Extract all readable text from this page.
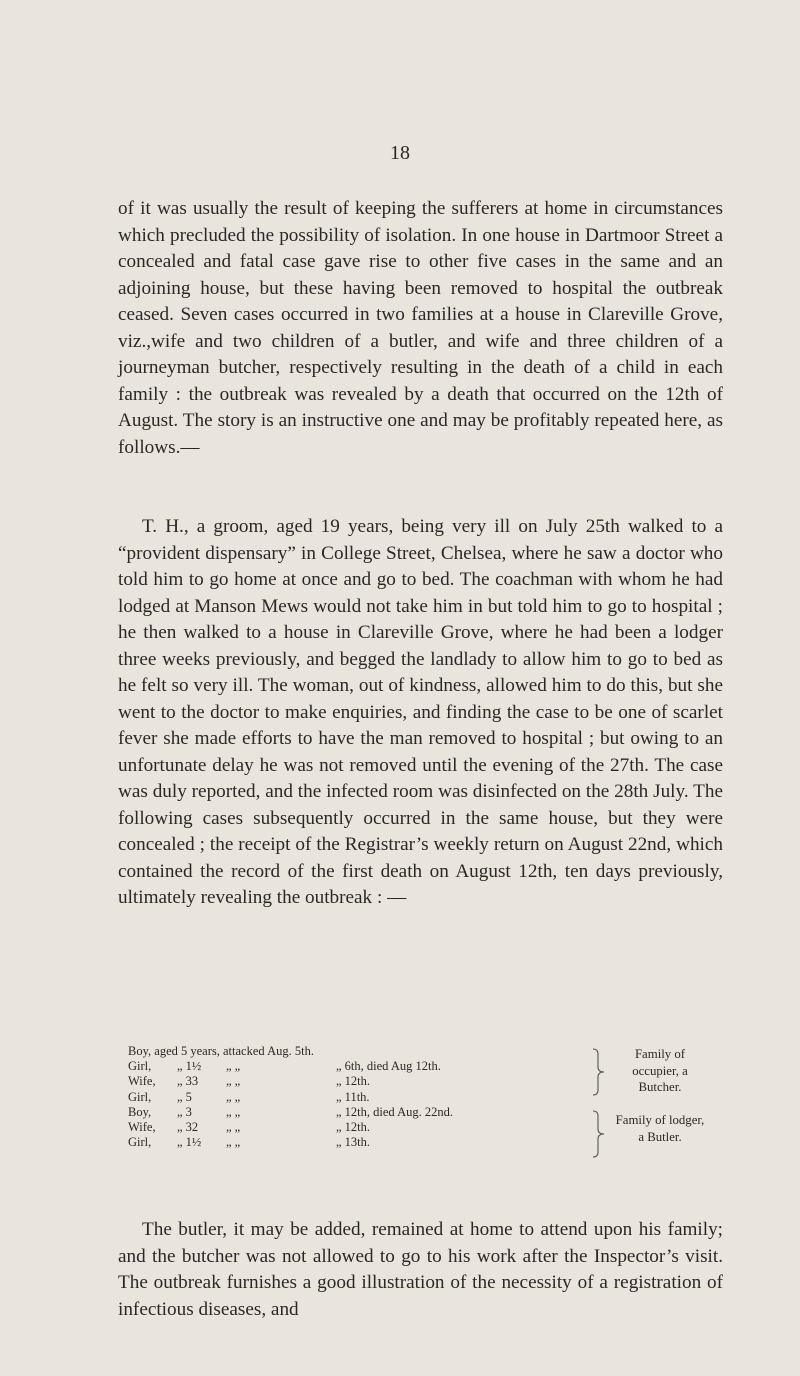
18

of it was usually the result of keeping the sufferers at home in circumstances which precluded the possibility of isolation. In one house in Dartmoor Street a concealed and fatal case gave rise to other five cases in the same and an adjoining house, but these having been removed to hospital the outbreak ceased. Seven cases occurred in two families at a house in Clareville Grove, viz.,wife and two children of a butler, and wife and three children of a journeyman butcher, respectively resulting in the death of a child in each family : the outbreak was revealed by a death that occurred on the 12th of August. The story is an instructive one and may be profitably repeated here, as follows.—

T. H., a groom, aged 19 years, being very ill on July 25th walked to a “provident dispensary” in College Street, Chelsea, where he saw a doctor who told him to go home at once and go to bed. The coachman with whom he had lodged at Manson Mews would not take him in but told him to go to hospital ; he then walked to a house in Clareville Grove, where he had been a lodger three weeks previously, and begged the landlady to allow him to go to bed as he felt so very ill. The woman, out of kindness, allowed him to do this, but she went to the doctor to make enquiries, and finding the case to be one of scarlet fever she made efforts to have the man removed to hospital ; but owing to an unfortunate delay he was not removed until the evening of the 27th. The case was duly reported, and the infected room was disinfected on the 28th July. The following cases subsequently occurred in the same house, but they were concealed ; the receipt of the Registrar’s weekly return on August 22nd, which contained the record of the first death on August 12th, ten days previously, ultimately revealing the outbreak : —

Boy, aged 5 years, attacked Aug. 5th.
Girl, „ 1½ „ „	„ 6th, died Aug 12th.
Wife, „ 33 „ „	„ 12th.
Girl, „ 5	„ „	„ 11th.
Boy, „ 3	„ „	„ 12th, died Aug. 22nd.
Wife, „ 32 „ „	„ 12th.
Girl, „ 1½ „ „	„ 13th.
Family of occupier, a Butcher.
Family of lodger, a Butler.

The butler, it may be added, remained at home to attend upon his family; and the butcher was not allowed to go to his work after the Inspector’s visit. The outbreak furnishes a good illustration of the necessity of a registration of infectious diseases, and
